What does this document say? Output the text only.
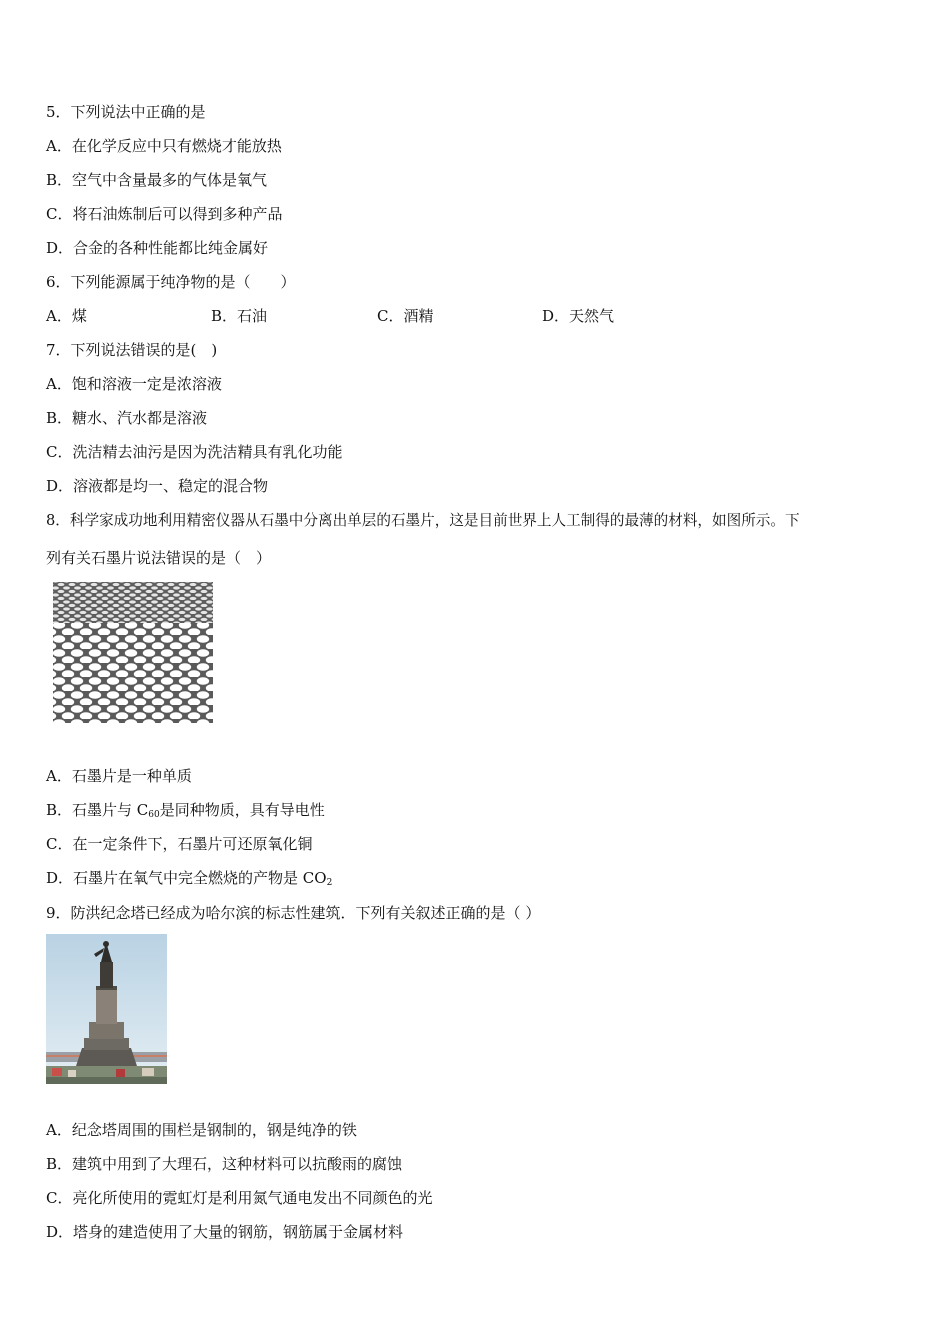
5．下列说法中正确的是
A．在化学反应中只有燃烧才能放热
B．空气中含量最多的气体是氧气
C．将石油炼制后可以得到多种产品
D．合金的各种性能都比纯金属好
6．下列能源属于纯净物的是（　　）
A．煤	B．石油	C．酒精	D．天然气
7．下列说法错误的是(　)
A．饱和溶液一定是浓溶液
B．糖水、汽水都是溶液
C．洗洁精去油污是因为洗洁精具有乳化功能
D．溶液都是均一、稳定的混合物
8．科学家成功地利用精密仪器从石墨中分离出单层的石墨片，这是目前世界上人工制得的最薄的材料，如图所示。下
列有关石墨片说法错误的是（　）
A．石墨片是一种单质
B．石墨片与 $C_{60}$是同种物质，具有导电性
C．在一定条件下，石墨片可还原氧化铜
D．石墨片在氧气中完全燃烧的产物是 $CO_2$
9．防洪纪念塔已经成为哈尔滨的标志性建筑．下列有关叙述正确的是（ ）
A．纪念塔周围的围栏是钢制的，钢是纯净的铁
B．建筑中用到了大理石，这种材料可以抗酸雨的腐蚀
C．亮化所使用的霓虹灯是利用氮气通电发出不同颜色的光
D．塔身的建造使用了大量的钢筋，钢筋属于金属材料
